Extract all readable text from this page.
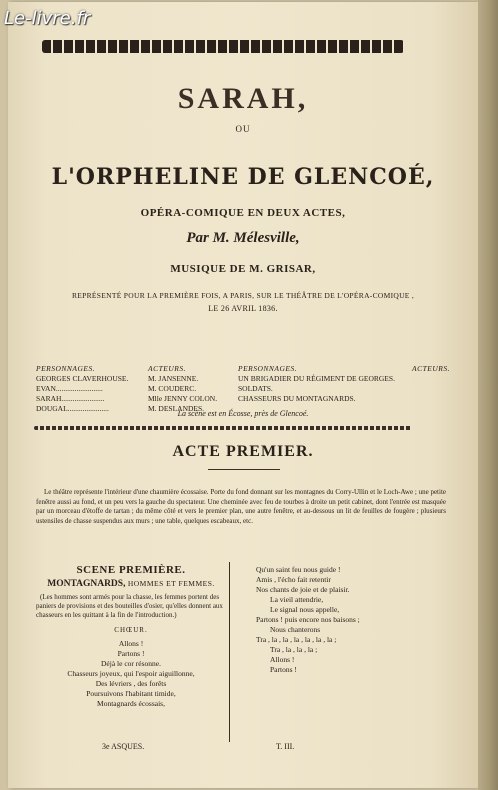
SARAH,
OU
L'ORPHELINE DE GLENCOÉ,
OPÉRA-COMIQUE EN DEUX ACTES,
Par M. Mélesville,
MUSIQUE DE M. GRISAR,
REPRÉSENTÉ POUR LA PREMIÈRE FOIS, A PARIS, SUR LE THÉÂTRE DE L'OPÉRA-COMIQUE ,
LE 26 AVRIL 1836.
PERSONNAGES.
GEORGES CLAVERHOUSE.
EVAN.........................
SARAH.......................
DOUGAL......................
ACTEURS.
M. JANSENNE.
M. COUDERC.
Mlle JENNY COLON.
M. DESLANDES.
PERSONNAGES.
UN BRIGADIER DU RÉGIMENT DE GEORGES.
SOLDATS.
CHASSEURS DU MONTAGNARDS.
ACTEURS.
La scène est en Écosse, près de Glencoé.
ACTE PREMIER.
Le théâtre représente l'intérieur d'une chaumière écossaise. Porte du fond donnant sur les montagnes du Corry-Ullin et le Loch-Awe ; une petite fenêtre aussi au fond, et un peu vers la gauche du spectateur. Une cheminée avec feu de tourbes à droite un petit cabinet, dont l'entrée est masquée par un morceau d'étoffe de tartan ; du même côté et vers le premier plan, une autre fenêtre, et au-dessous un lit de feuilles de fougère ; plusieurs ustensiles de chasse suspendus aux murs ; une table, quelques escabeaux, etc.
SCENE PREMIÈRE.
MONTAGNARDS, HOMMES ET FEMMES.
(Les hommes sont armés pour la chasse, les femmes portent des paniers de provisions et des bouteilles d'osier, qu'elles donnent aux chasseurs en les quittant à la fin de l'introduction.)
CHŒUR.
Allons !
Partons !
Déjà le cor résonne.
Chasseurs joyeux, qui l'espoir aiguillonne,
Des lévriers , des forêts
Poursuivons l'habitant timide,
Montagnards écossais,
Qu'un saint feu nous guide !
Amis , l'écho fait retentir
Nos chants de joie et de plaisir.
La vieil attendrie,
Le signal nous appelle,
Partons ! puis encore nos baisons ;
Nous chanterons
Tra , la , la , la , la , la , la ;
Tra , la , la , la ;
Allons !
Partons !
3e ASQUES.	T. III.
Le-livre.fr
